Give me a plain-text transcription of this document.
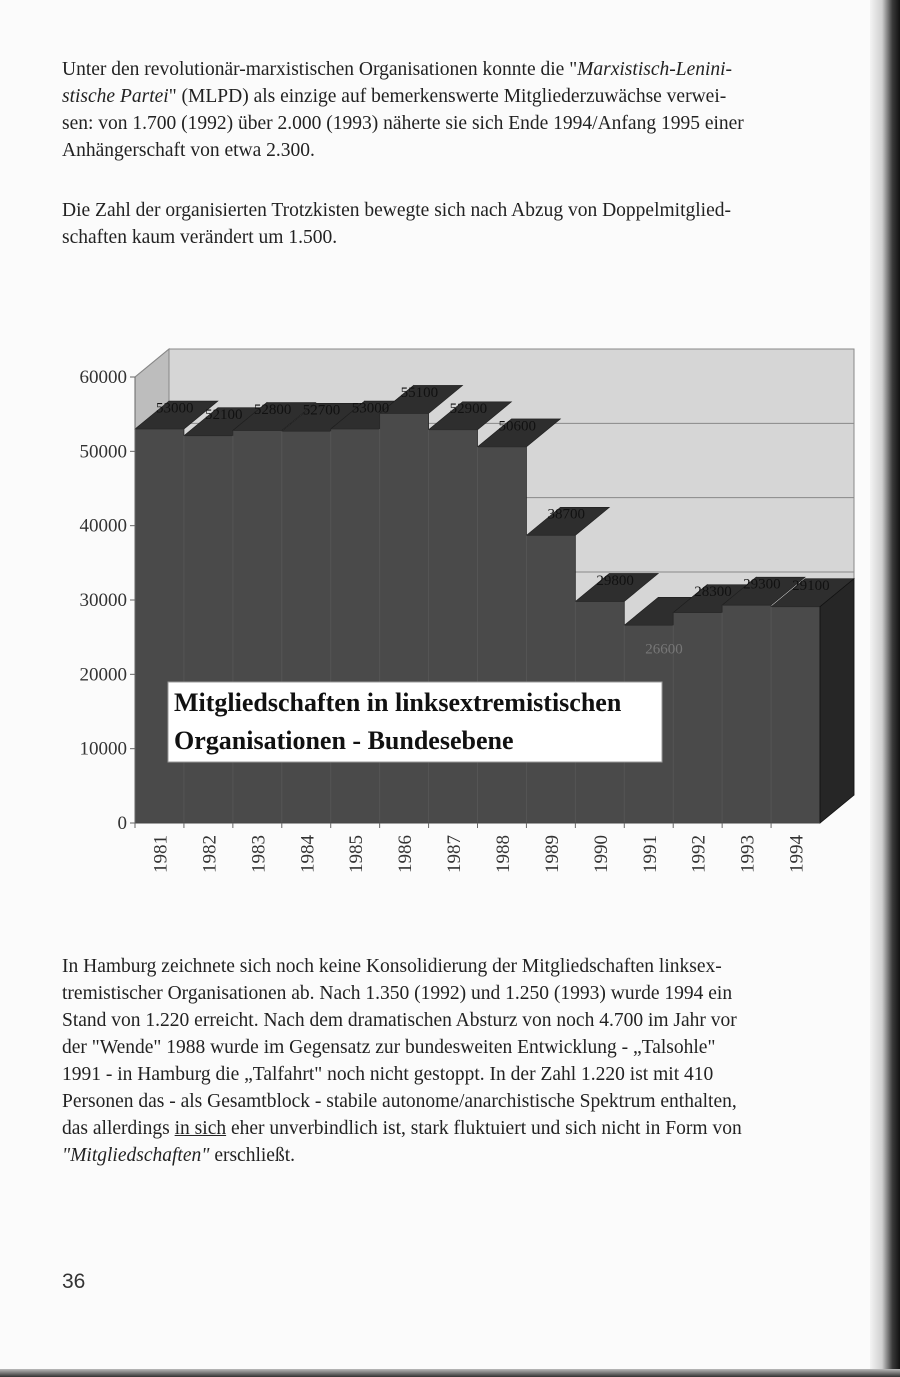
Unter den revolutionär-marxistischen Organisationen konnte die "Marxistisch-Lenini-
stische Partei" (MLPD) als einzige auf bemerkenswerte Mitgliederzuwächse verwei-
sen: von 1.700 (1992) über 2.000 (1993) näherte sie sich Ende 1994/Anfang 1995 einer
Anhängerschaft von etwa 2.300.

Die Zahl der organisierten Trotzkisten bewegte sich nach Abzug von Doppelmitglied-
schaften kaum verändert um 1.500.

60000
50000
40000
30000
20000
10000
0
1981 1982 1983 1984 1985 1986 1987 1988 1989 1990 1991 1992 1993 1994
53000 52100 52800 52700 53000
55100
52900
50600
38700
29800
26600
28300 29300 29100
Mitgliedschaften in linksextremistischen
Organisationen - Bundesebene

In Hamburg zeichnete sich noch keine Konsolidierung der Mitgliedschaften linksex-
tremistischer Organisationen ab. Nach 1.350 (1992) und 1.250 (1993) wurde 1994 ein
Stand von 1.220 erreicht. Nach dem dramatischen Absturz von noch 4.700 im Jahr vor
der "Wende" 1988 wurde im Gegensatz zur bundesweiten Entwicklung - „Talsohle"
1991 - in Hamburg die „Talfahrt" noch nicht gestoppt. In der Zahl 1.220 ist mit 410
Personen das - als Gesamtblock - stabile autonome/anarchistische Spektrum enthalten,
das allerdings in sich eher unverbindlich ist, stark fluktuiert und sich nicht in Form von
"Mitgliedschaften" erschließt.

36
